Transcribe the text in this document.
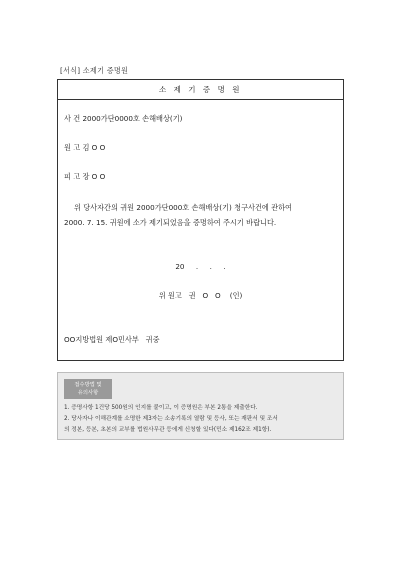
[서식] 소제기 증명원
소 제 기 증 명 원
사 건 2000가단0000호 손해배상(기)
원 고 김 O O
피 고 장 O O
위 당사자간의 귀원 2000가단000호 손해배상(기) 청구사건에 관하여
2000. 7. 15. 귀원에 소가 제기되었음을 증명하여 주시기 바랍니다.
20     .     .     .
위 원고   권   O   O    (인)
OO지방법원 제O민사부   귀중
접수방법 및
유의사항
1. 증명사항 1건당 500원의 인지를 붙이고, 이 증명원은 부본 2통을 제출한다.
2. 당사자나 이해관계를 소명한 제3자는 소송기록의 열람 및 등사, 또는 재판서 및 조서
의 정본, 등본, 초본의 교부를 법원사무관 등에게 신청할 있다(민소 제162조 제1항).
